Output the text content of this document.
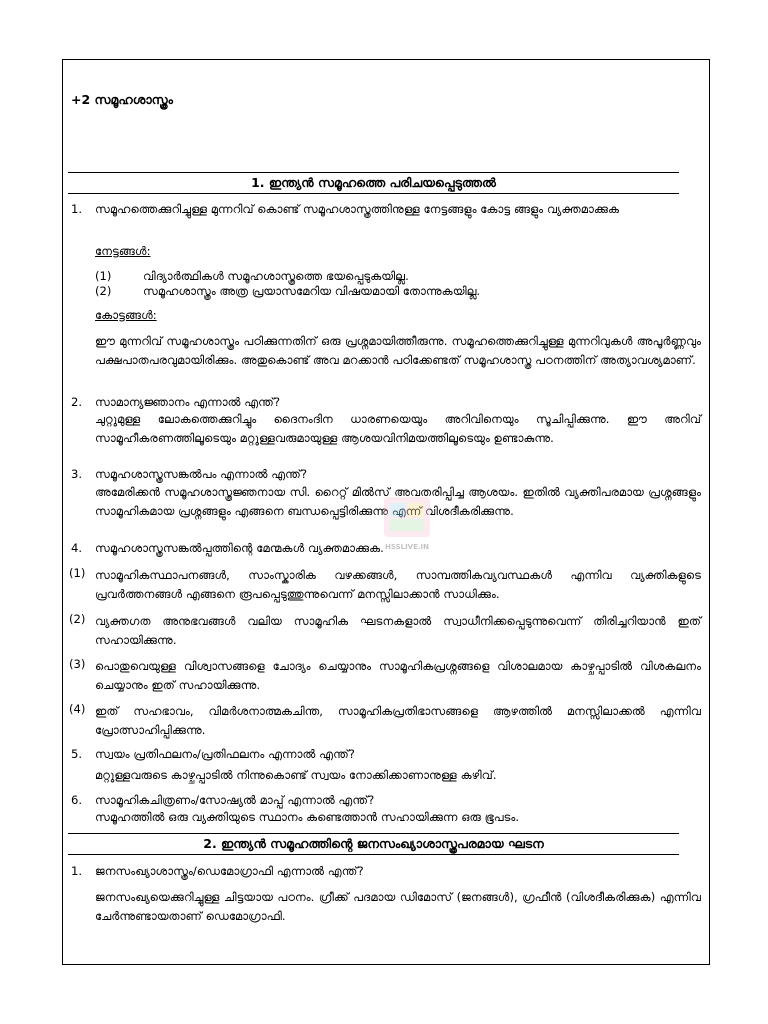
+2 സമൂഹശാസ്ത്രം
1. ഇന്ത്യൻ സമൂഹത്തെ പരിചയപ്പെടുത്തൽ
1. സമൂഹത്തെക്കുറിച്ചുള്ള മുന്നറിവ് കൊണ്ട് സമൂഹശാസ്ത്രത്തിനുള്ള നേട്ടങ്ങളും കോട്ട ങ്ങളും വ്യക്തമാക്കുക
നേട്ടങ്ങൾ:
(1)	വിദ്യാർത്ഥികൾ സമൂഹശാസ്ത്രത്തെ ഭയപ്പെടുകയില്ല.
(2)	സമൂഹശാസ്ത്രം അത്ര പ്രയാസമേറിയ വിഷയമായി തോന്നുകയില്ല.
കോട്ടങ്ങൾ:
ഈ മുന്നറിവ് സമൂഹശാസ്ത്രം പഠിക്കുന്നതിന് ഒരു പ്രശ്നമായിത്തീരുന്നു. സമൂഹത്തെക്കുറിച്ചുള്ള മുന്നറിവുകൾ അപൂർണ്ണവും പക്ഷപാതപരവുമായിരിക്കും. അതുകൊണ്ട് അവ മറക്കാൻ പഠിക്കേണ്ടത് സമൂഹശാസ്ത്ര പഠനത്തിന് അത്യാവശ്യമാണ്.
2. സാമാന്യജ്ഞാനം എന്നാൽ എന്ത്?
ചുറ്റുമുള്ള ലോകത്തെക്കുറിച്ചും ദൈനംദിന ധാരണയെയും അറിവിനെയും സൂചിപ്പിക്കുന്നു. ഈ അറിവ് സാമൂഹീകരണത്തിലൂടെയും മറ്റുള്ളവരുമായുള്ള ആശയവിനിമയത്തിലൂടെയും ഉണ്ടാകുന്നു.
3. സമൂഹശാസ്ത്രസങ്കൽപം എന്നാൽ എന്ത്?
അമേരിക്കൻ സമൂഹശാസ്ത്രജ്ഞനായ സി. റൈറ്റ് മിൽസ് അവതരിപ്പിച്ച ആശയം. ഇതിൽ വ്യക്തിപരമായ പ്രശ്നങ്ങളും സാമൂഹികമായ പ്രശ്നങ്ങളും എങ്ങനെ ബന്ധപ്പെട്ടിരിക്കുന്നു എന്ന് വിശദീകരിക്കുന്നു.
HSSLIVE.IN
4. സമൂഹശാസ്ത്രസങ്കൽപ്പത്തിന്റെ മേന്മകൾ വ്യക്തമാക്കുക.
(1) സാമൂഹികസ്ഥാപനങ്ങൾ, സാംസ്കാരിക വഴക്കങ്ങൾ, സാമ്പത്തികവ്യവസ്ഥകൾ എന്നിവ വ്യക്തികളുടെ പ്രവർത്തനങ്ങൾ എങ്ങനെ രൂപപ്പെടുത്തുന്നുവെന്ന് മനസ്സിലാക്കാൻ സാധിക്കും.
(2) വ്യക്തഗത അനുഭവങ്ങൾ വലിയ സാമൂഹിക ഘടനകളാൽ സ്വാധീനിക്കപ്പെടുന്നുവെന്ന് തിരിച്ചറിയാൻ ഇത് സഹായിക്കുന്നു.
(3) പൊതുവെയുള്ള വിശ്വാസങ്ങളെ ചോദ്യം ചെയ്യാനും സാമൂഹികപ്രശ്നങ്ങളെ വിശാലമായ കാഴ്ചപ്പാടിൽ വിശകലനം ചെയ്യാനും ഇത് സഹായിക്കുന്നു.
(4) ഇത് സഹഭാവം, വിമർശനാത്മകചിന്ത, സാമൂഹികപ്രതിഭാസങ്ങളെ ആഴത്തിൽ മനസ്സിലാക്കൽ എന്നിവ പ്രോത്സാഹിപ്പിക്കുന്നു.
5. സ്വയം പ്രതിഫലനം/പ്രതിഫലനം എന്നാൽ എന്ത്?
മറ്റുള്ളവരുടെ കാഴ്ചപ്പാടിൽ നിന്നുകൊണ്ട് സ്വയം നോക്കിക്കാണാനുള്ള കഴിവ്.
6. സാമൂഹികചിത്രണം/സോഷ്യൽ മാപ്പ് എന്നാൽ എന്ത്?
സമൂഹത്തിൽ ഒരു വ്യക്തിയുടെ സ്ഥാനം കണ്ടെത്താൻ സഹായിക്കുന്ന ഒരു ഭൂപടം.
2. ഇന്ത്യൻ സമൂഹത്തിന്റെ ജനസംഖ്യാശാസ്ത്രപരമായ ഘടന
1. ജനസംഖ്യാശാസ്ത്രം/ഡെമോഗ്രാഫി എന്നാൽ എന്ത്?
ജനസംഖ്യയെക്കുറിച്ചുള്ള ചിട്ടയായ പഠനം. ഗ്രീക്ക് പദമായ ഡിമോസ് (ജനങ്ങൾ), ഗ്രഫീൻ (വിശദീകരിക്കുക) എന്നിവ ചേർന്നുണ്ടായതാണ് ഡെമോഗ്രാഫി.
